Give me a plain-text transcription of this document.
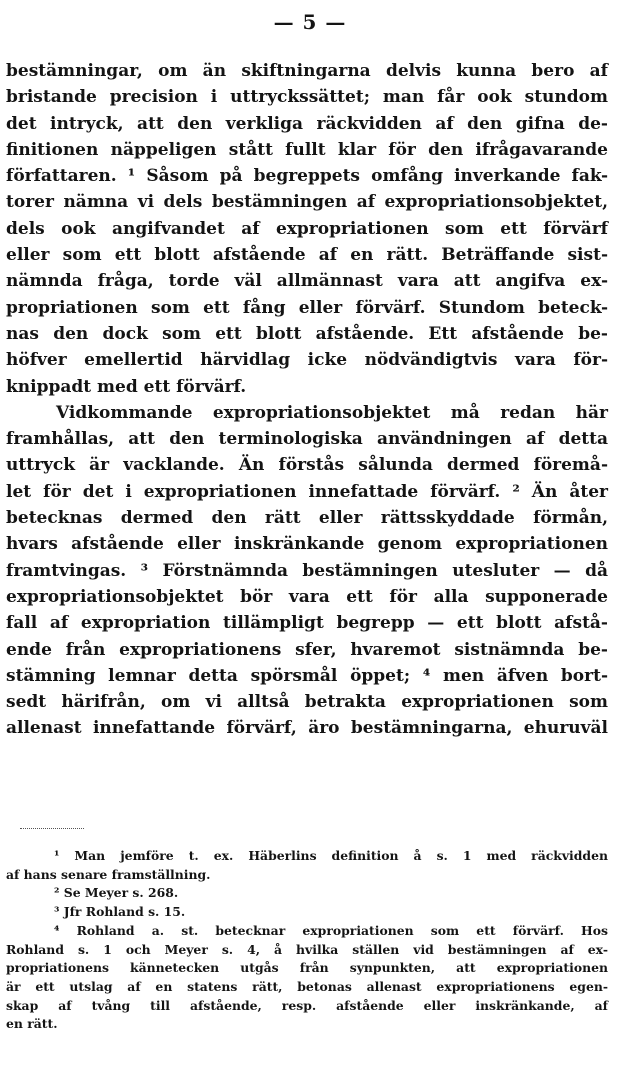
— 5 —

bestämningar, om än skiftningarna delvis kunna bero af
bristande precision i uttryckssättet; man får ook stundom
det intryck, att den verkliga räckvidden af den gifna de-
finitionen näppeligen stått fullt klar för den ifrågavarande
författaren. ¹ Såsom på begreppets omfång inverkande fak-
torer nämna vi dels bestämningen af expropriationsobjektet,
dels ook angifvandet af expropriationen som ett förvärf
eller som ett blott afstående af en rätt. Beträffande sist-
nämnda fråga, torde väl allmännast vara att angifva ex-
propriationen som ett fång eller förvärf. Stundom beteck-
nas den dock som ett blott afstående. Ett afstående be-
höfver emellertid härvidlag icke nödvändigtvis vara för-
knippadt med ett förvärf.

Vidkommande expropriationsobjektet må redan här
framhållas, att den terminologiska användningen af detta
uttryck är vacklande. Än förstås sålunda dermed föremå-
let för det i expropriationen innefattade förvärf. ² Än åter
betecknas dermed den rätt eller rättsskyddade förmån,
hvars afstående eller inskränkande genom expropriationen
framtvingas. ³ Förstnämnda bestämningen utesluter — då
expropriationsobjektet bör vara ett för alla supponerade
fall af expropriation tillämpligt begrepp — ett blott afstå-
ende från expropriationens sfer, hvaremot sistnämnda be-
stämning lemnar detta spörsmål öppet; ⁴ men äfven bort-
sedt härifrån, om vi alltså betrakta expropriationen som
allenast innefattande förvärf, äro bestämningarna, ehuruväl

¹ Man jemföre t. ex. Häberlins definition å s. 1 med räckvidden
af hans senare framställning.
² Se Meyer s. 268.
³ Jfr Rohland s. 15.
⁴ Rohland a. st. betecknar expropriationen som ett förvärf. Hos
Rohland s. 1 och Meyer s. 4, å hvilka ställen vid bestämningen af ex-
propriationens kännetecken utgås från synpunkten, att expropriationen
är ett utslag af en statens rätt, betonas allenast expropriationens egen-
skap af tvång till afstående, resp. afstående eller inskränkande, af
en rätt.
